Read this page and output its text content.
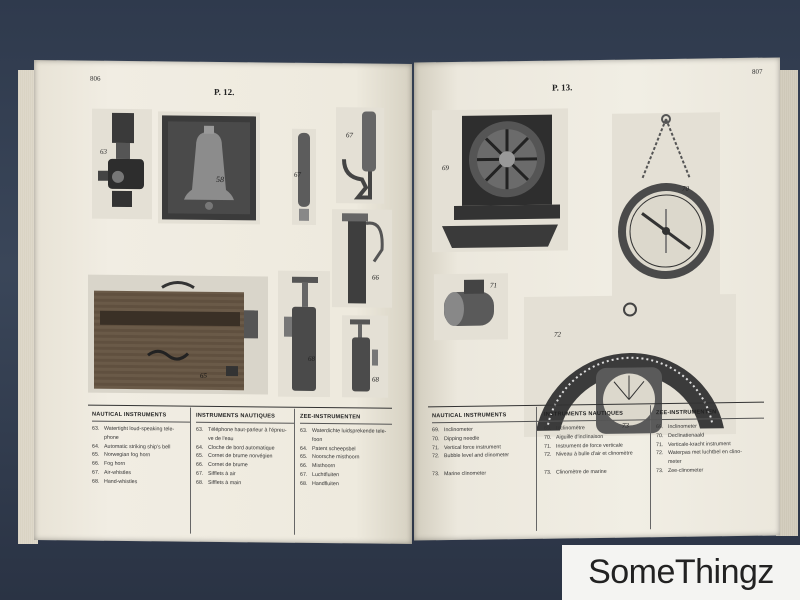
806
P. 12.
63
58
67
67
66
65
68
68
NAUTICAL INSTRUMENTS
63. Watertight loud-speaking tele-
phone
64. Automatic striking ship's bell
65. Norwegian fog horn
66. Fog horn
67. Air-whistles
68. Hand-whistles
INSTRUMENTS NAUTIQUES
63. Téléphone haut-parleur à l'épreu-
ve de l'eau
64. Cloche de bord automatique
65. Cornet de brume norvégien
66. Cornet de brume
67. Sifflets à air
68. Sifflets à main
ZEE-INSTRUMENTEN
63. Waterdichte luidsprekende tele-
foon
64. Patent scheepsbel
65. Noorsche misthoorn
66. Misthoorn
67. Luchtfluiten
68. Handfluiten
807
P. 13.
69
70
71
72
73
NAUTICAL INSTRUMENTS
69. Inclinometer
70. Dipping needle
71. Vertical force instrument
72. Bubble level and clinometer
73. Marine clinometer
INSTRUMENTS NAUTIQUES
69. Inclinomètre
70. Aiguille d'inclinaison
71. Instrument de force verticale
72. Niveau à bulle d'air et clinomètre
73. Clinomètre de marine
ZEE-INSTRUMENTEN
69. Inclinometer
70. Declinatienaald
71. Verticale-kracht instrument
72. Waterpas met luchtbel en clino-
meter
73. Zee-clinometer
SomeThingz
